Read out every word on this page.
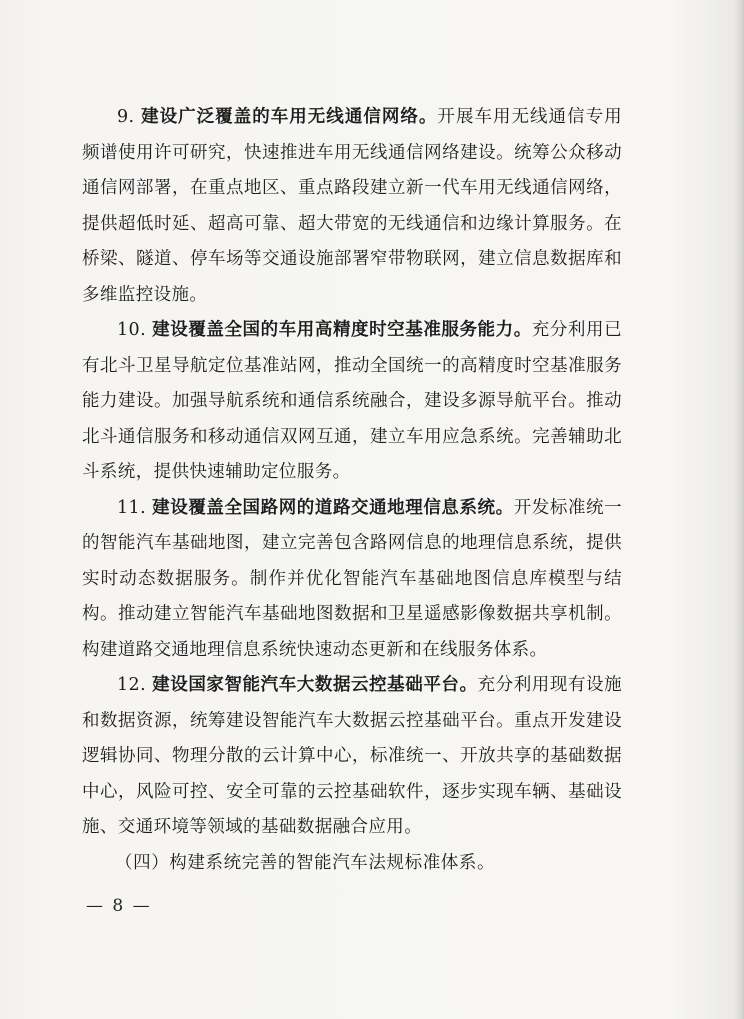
9. 建设广泛覆盖的车用无线通信网络。开展车用无线通信专用频谱使用许可研究，快速推进车用无线通信网络建设。统筹公众移动通信网部署，在重点地区、重点路段建立新一代车用无线通信网络，提供超低时延、超高可靠、超大带宽的无线通信和边缘计算服务。在桥梁、隧道、停车场等交通设施部署窄带物联网，建立信息数据库和多维监控设施。

10. 建设覆盖全国的车用高精度时空基准服务能力。充分利用已有北斗卫星导航定位基准站网，推动全国统一的高精度时空基准服务能力建设。加强导航系统和通信系统融合，建设多源导航平台。推动北斗通信服务和移动通信双网互通，建立车用应急系统。完善辅助北斗系统，提供快速辅助定位服务。

11. 建设覆盖全国路网的道路交通地理信息系统。开发标准统一的智能汽车基础地图，建立完善包含路网信息的地理信息系统，提供实时动态数据服务。制作并优化智能汽车基础地图信息库模型与结构。推动建立智能汽车基础地图数据和卫星遥感影像数据共享机制。构建道路交通地理信息系统快速动态更新和在线服务体系。

12. 建设国家智能汽车大数据云控基础平台。充分利用现有设施和数据资源，统筹建设智能汽车大数据云控基础平台。重点开发建设逻辑协同、物理分散的云计算中心，标准统一、开放共享的基础数据中心，风险可控、安全可靠的云控基础软件，逐步实现车辆、基础设施、交通环境等领域的基础数据融合应用。

（四）构建系统完善的智能汽车法规标准体系。

— 8 —
